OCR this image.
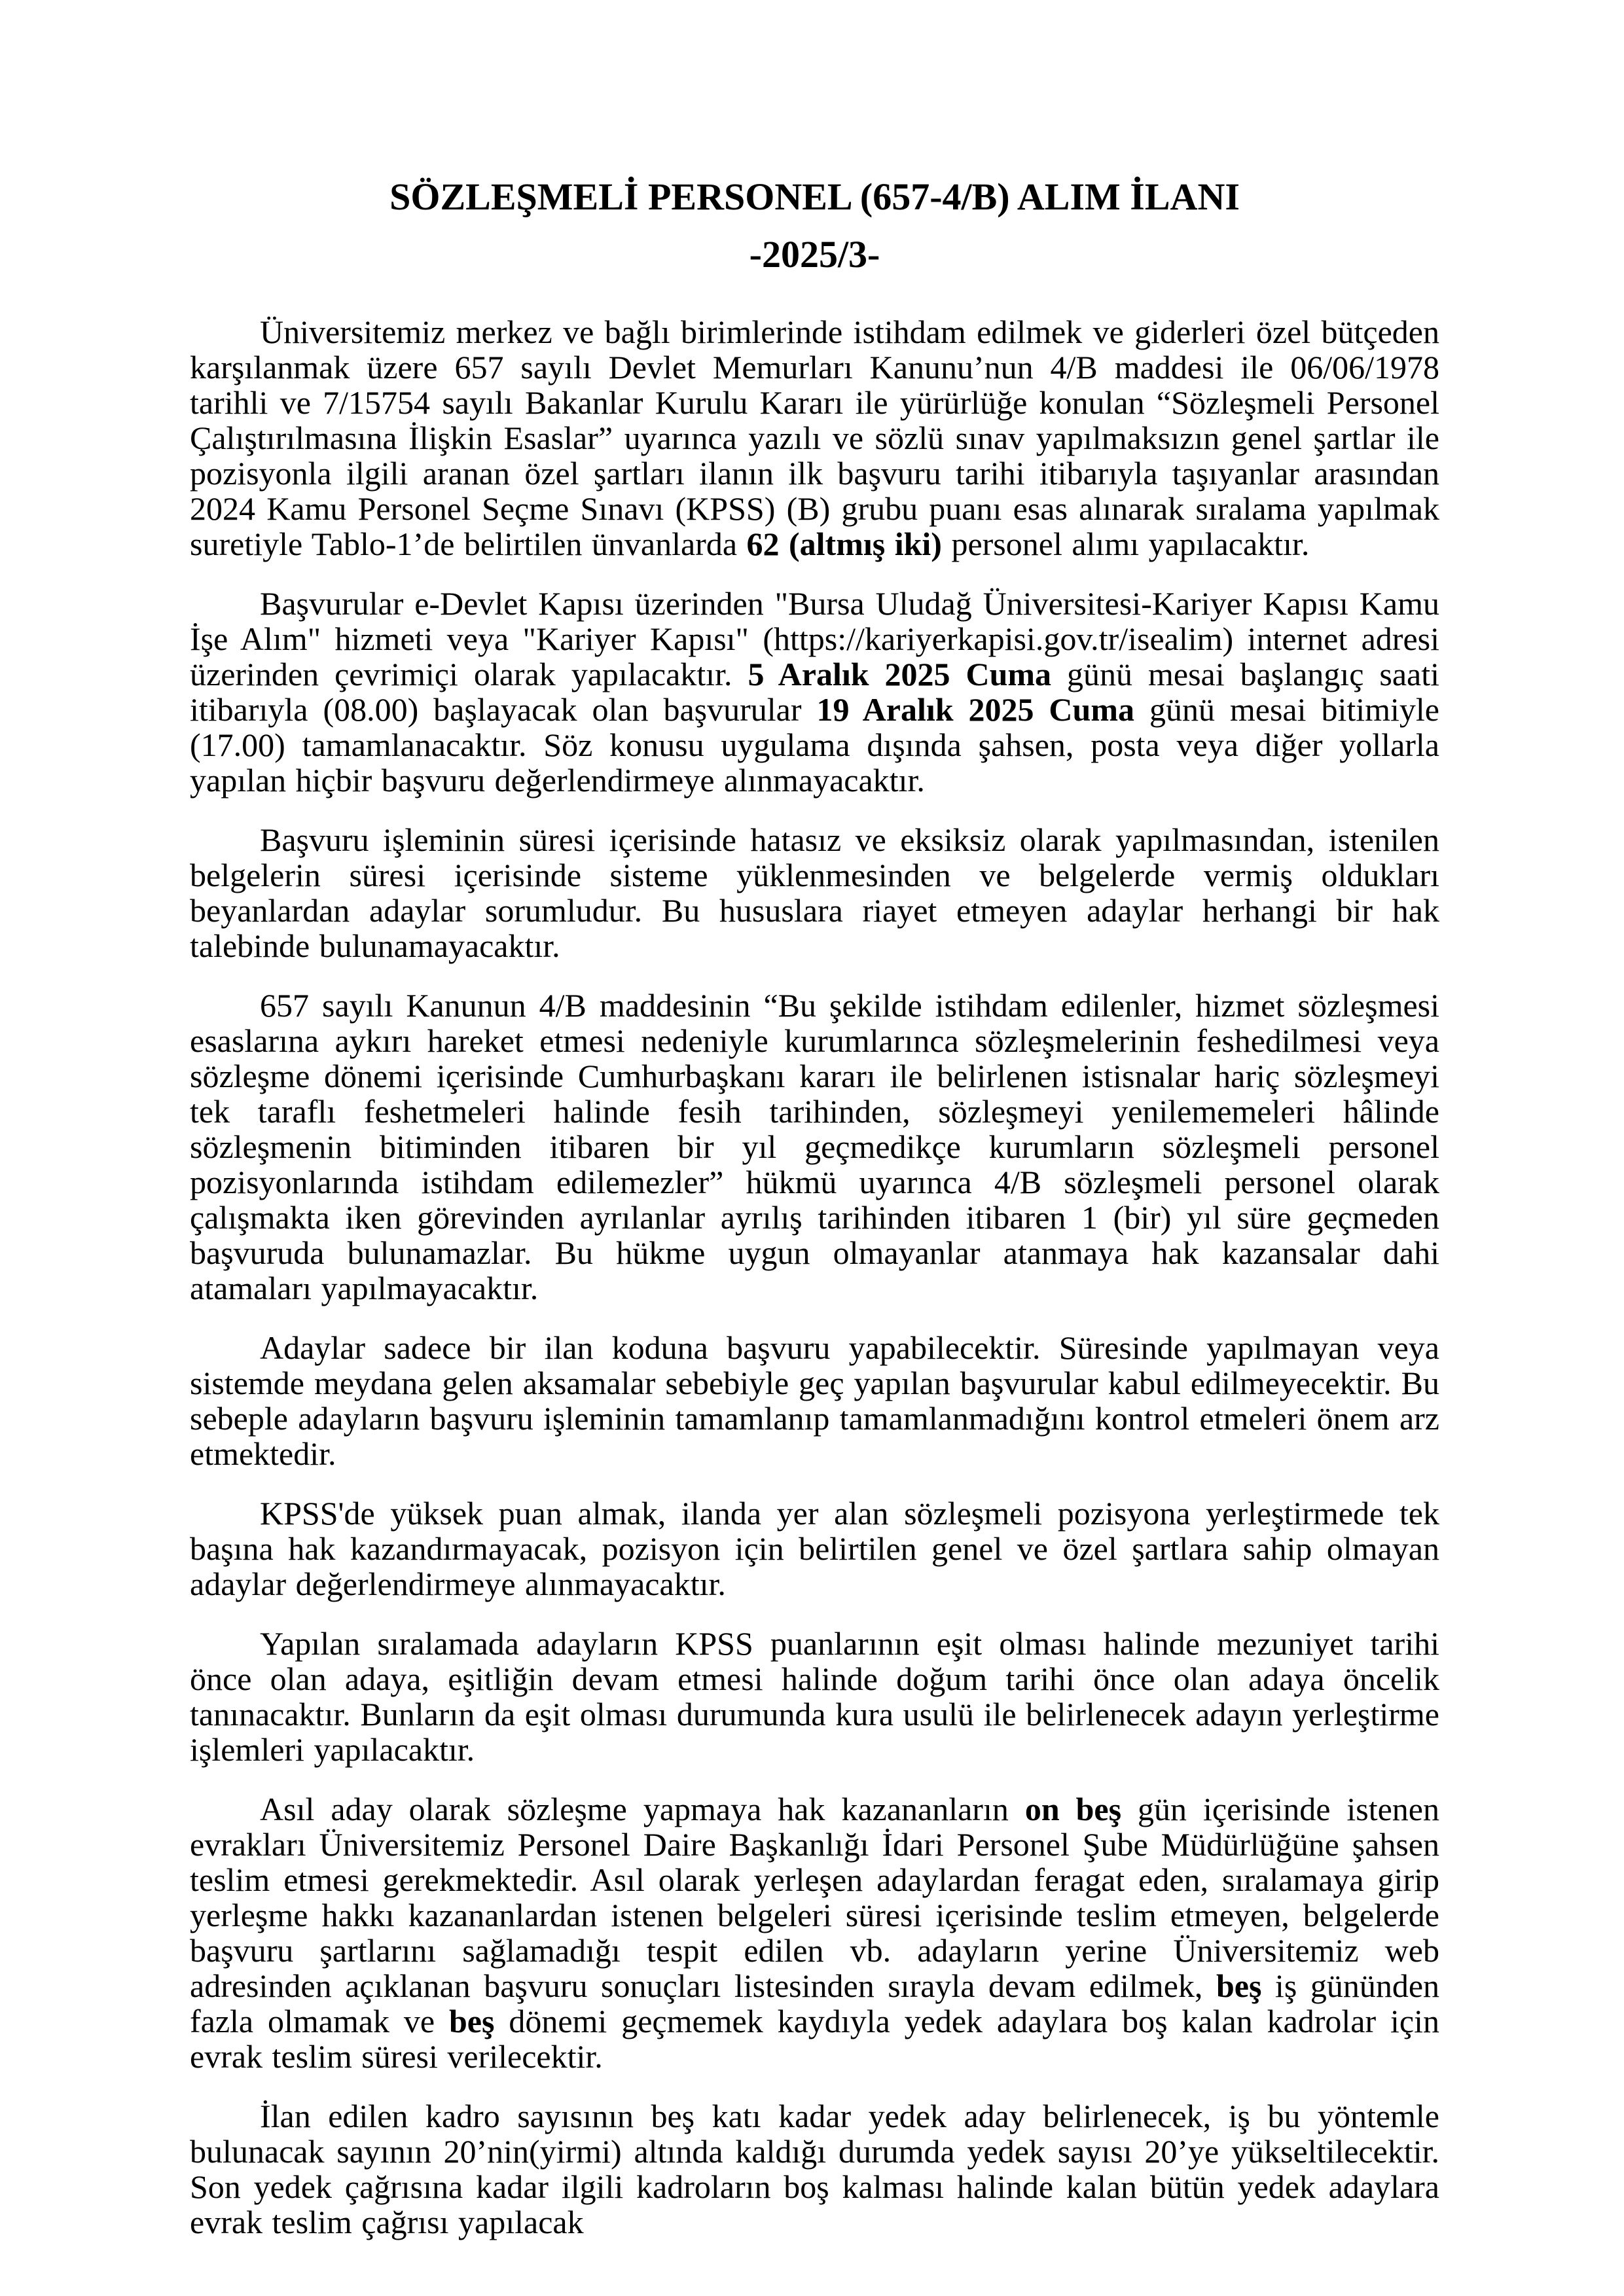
SÖZLEŞMELİ PERSONEL (657-4/B) ALIM İLANI
-2025/3-

Üniversitemiz merkez ve bağlı birimlerinde istihdam edilmek ve giderleri özel bütçeden karşılanmak üzere 657 sayılı Devlet Memurları Kanunu’nun 4/B maddesi ile 06/06/1978 tarihli ve 7/15754 sayılı Bakanlar Kurulu Kararı ile yürürlüğe konulan “Sözleşmeli Personel Çalıştırılmasına İlişkin Esaslar” uyarınca yazılı ve sözlü sınav yapılmaksızın genel şartlar ile pozisyonla ilgili aranan özel şartları ilanın ilk başvuru tarihi itibarıyla taşıyanlar arasından 2024 Kamu Personel Seçme Sınavı (KPSS) (B) grubu puanı esas alınarak sıralama yapılmak suretiyle Tablo-1’de belirtilen ünvanlarda 62 (altmış iki) personel alımı yapılacaktır.

Başvurular e-Devlet Kapısı üzerinden "Bursa Uludağ Üniversitesi-Kariyer Kapısı Kamu İşe Alım" hizmeti veya "Kariyer Kapısı" (https://kariyerkapisi.gov.tr/isealim) internet adresi üzerinden çevrimiçi olarak yapılacaktır. 5 Aralık 2025 Cuma günü mesai başlangıç saati itibarıyla (08.00) başlayacak olan başvurular 19 Aralık 2025 Cuma günü mesai bitimiyle (17.00) tamamlanacaktır. Söz konusu uygulama dışında şahsen, posta veya diğer yollarla yapılan hiçbir başvuru değerlendirmeye alınmayacaktır.

Başvuru işleminin süresi içerisinde hatasız ve eksiksiz olarak yapılmasından, istenilen belgelerin süresi içerisinde sisteme yüklenmesinden ve belgelerde vermiş oldukları beyanlardan adaylar sorumludur. Bu hususlara riayet etmeyen adaylar herhangi bir hak talebinde bulunamayacaktır.

657 sayılı Kanunun 4/B maddesinin “Bu şekilde istihdam edilenler, hizmet sözleşmesi esaslarına aykırı hareket etmesi nedeniyle kurumlarınca sözleşmelerinin feshedilmesi veya sözleşme dönemi içerisinde Cumhurbaşkanı kararı ile belirlenen istisnalar hariç sözleşmeyi tek taraflı feshetmeleri halinde fesih tarihinden, sözleşmeyi yenilememeleri hâlinde sözleşmenin bitiminden itibaren bir yıl geçmedikçe kurumların sözleşmeli personel pozisyonlarında istihdam edilemezler” hükmü uyarınca 4/B sözleşmeli personel olarak çalışmakta iken görevinden ayrılanlar ayrılış tarihinden itibaren 1 (bir) yıl süre geçmeden başvuruda bulunamazlar. Bu hükme uygun olmayanlar atanmaya hak kazansalar dahi atamaları yapılmayacaktır.

Adaylar sadece bir ilan koduna başvuru yapabilecektir. Süresinde yapılmayan veya sistemde meydana gelen aksamalar sebebiyle geç yapılan başvurular kabul edilmeyecektir. Bu sebeple adayların başvuru işleminin tamamlanıp tamamlanmadığını kontrol etmeleri önem arz etmektedir.

KPSS'de yüksek puan almak, ilanda yer alan sözleşmeli pozisyona yerleştirmede tek başına hak kazandırmayacak, pozisyon için belirtilen genel ve özel şartlara sahip olmayan adaylar değerlendirmeye alınmayacaktır.

Yapılan sıralamada adayların KPSS puanlarının eşit olması halinde mezuniyet tarihi önce olan adaya, eşitliğin devam etmesi halinde doğum tarihi önce olan adaya öncelik tanınacaktır. Bunların da eşit olması durumunda kura usulü ile belirlenecek adayın yerleştirme işlemleri yapılacaktır.

Asıl aday olarak sözleşme yapmaya hak kazananların on beş gün içerisinde istenen evrakları Üniversitemiz Personel Daire Başkanlığı İdari Personel Şube Müdürlüğüne şahsen teslim etmesi gerekmektedir. Asıl olarak yerleşen adaylardan feragat eden, sıralamaya girip yerleşme hakkı kazananlardan istenen belgeleri süresi içerisinde teslim etmeyen, belgelerde başvuru şartlarını sağlamadığı tespit edilen vb. adayların yerine Üniversitemiz web adresinden açıklanan başvuru sonuçları listesinden sırayla devam edilmek, beş iş gününden fazla olmamak ve beş dönemi geçmemek kaydıyla yedek adaylara boş kalan kadrolar için evrak teslim süresi verilecektir.

İlan edilen kadro sayısının beş katı kadar yedek aday belirlenecek, iş bu yöntemle bulunacak sayının 20’nin(yirmi) altında kaldığı durumda yedek sayısı 20’ye yükseltilecektir. Son yedek çağrısına kadar ilgili kadroların boş kalması halinde kalan bütün yedek adaylara evrak teslim çağrısı yapılacak
